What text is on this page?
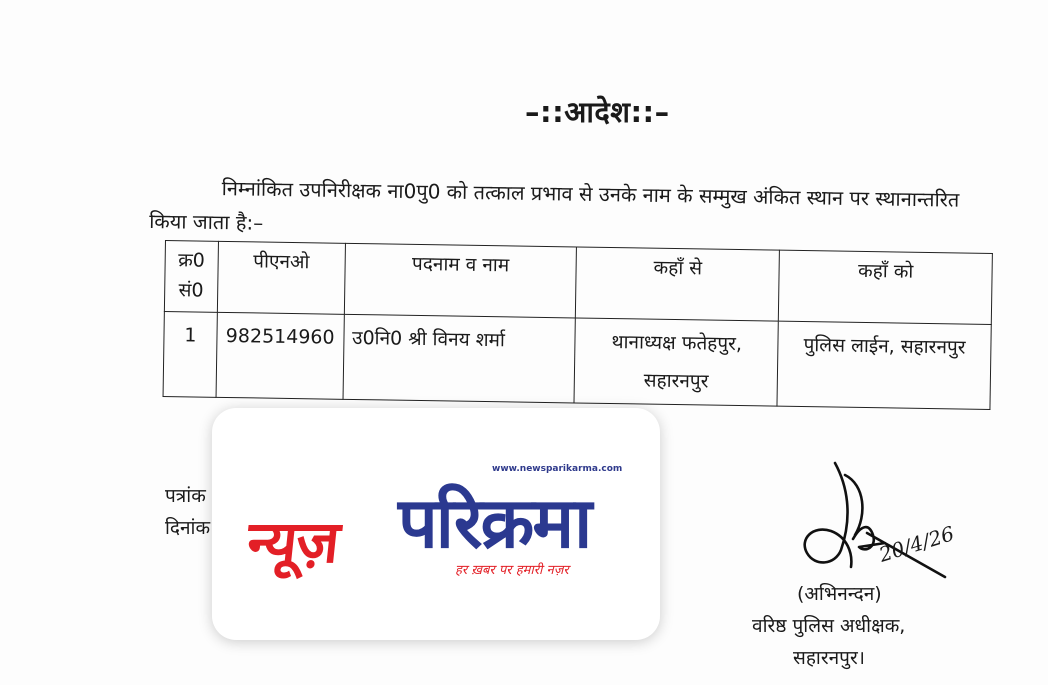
–::आदेश::–
निम्नांकित उपनिरीक्षक ना0पु0 को तत्काल प्रभाव से उनके नाम के सम्मुख अंकित स्थान पर स्थानान्तरित
किया जाता है:–
क्र0 सं0	पीएनओ	पदनाम व नाम	कहाँ से	कहाँ को
1	982514960	उ0नि0 श्री विनय शर्मा	थानाध्यक्ष फतेहपुर, सहारनपुर	पुलिस लाईन, सहारनपुर
पत्रांक
दिनांक
www.newsparikarma.com
न्यूज़ परिक्रमा
हर ख़बर पर हमारी नज़र
20/4/26
(अभिनन्दन)
वरिष्ठ पुलिस अधीक्षक,
सहारनपुर।
